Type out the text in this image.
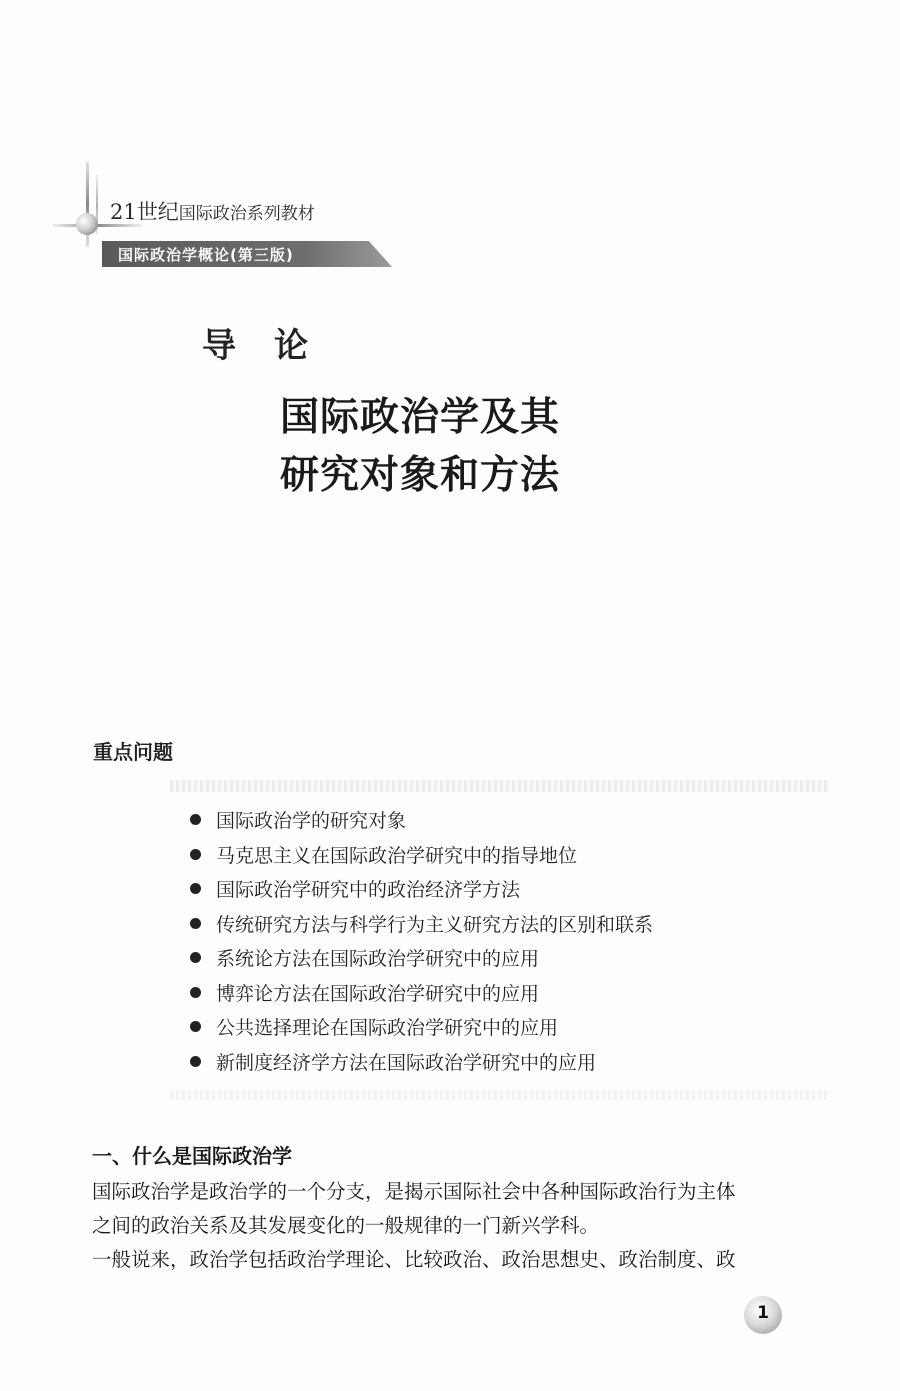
21世纪国际政治系列教材
国际政治学概论(第三版)
导论
国际政治学及其
研究对象和方法
重点问题
国际政治学的研究对象
马克思主义在国际政治学研究中的指导地位
国际政治学研究中的政治经济学方法
传统研究方法与科学行为主义研究方法的区别和联系
系统论方法在国际政治学研究中的应用
博弈论方法在国际政治学研究中的应用
公共选择理论在国际政治学研究中的应用
新制度经济学方法在国际政治学研究中的应用
一、什么是国际政治学
国际政治学是政治学的一个分支，是揭示国际社会中各种国际政治行为主体
之间的政治关系及其发展变化的一般规律的一门新兴学科。
一般说来，政治学包括政治学理论、比较政治、政治思想史、政治制度、政
1
